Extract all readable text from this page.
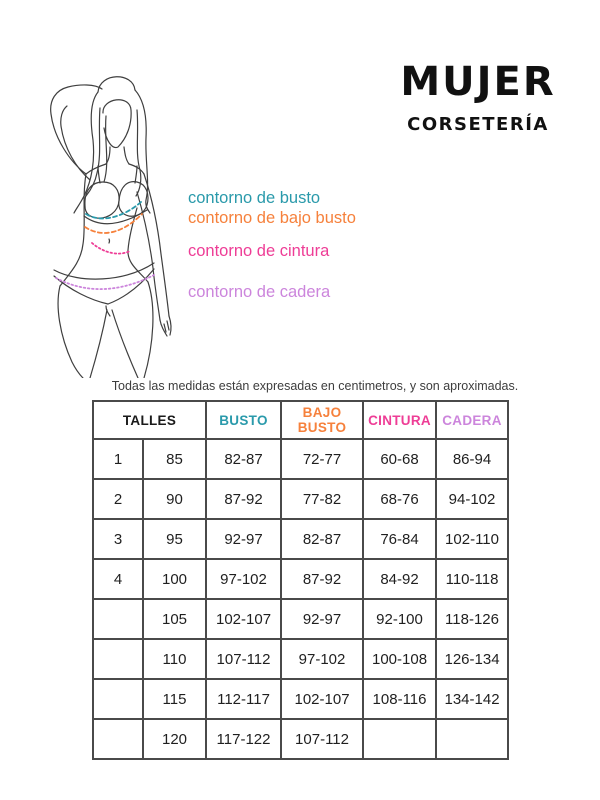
MUJER
CORSETERÍA
contorno de busto
contorno de bajo busto
contorno de cintura
contorno de cadera
Todas las medidas están expresadas en centimetros, y son aproximadas.
TALLES		BUSTO	BAJO BUSTO	CINTURA	CADERA
1	85	82-87	72-77	60-68	86-94
2	90	87-92	77-82	68-76	94-102
3	95	92-97	82-87	76-84	102-110
4	100	97-102	87-92	84-92	110-118
	105	102-107	92-97	92-100	118-126
	110	107-112	97-102	100-108	126-134
	115	112-117	102-107	108-116	134-142
	120	117-122	107-112		
